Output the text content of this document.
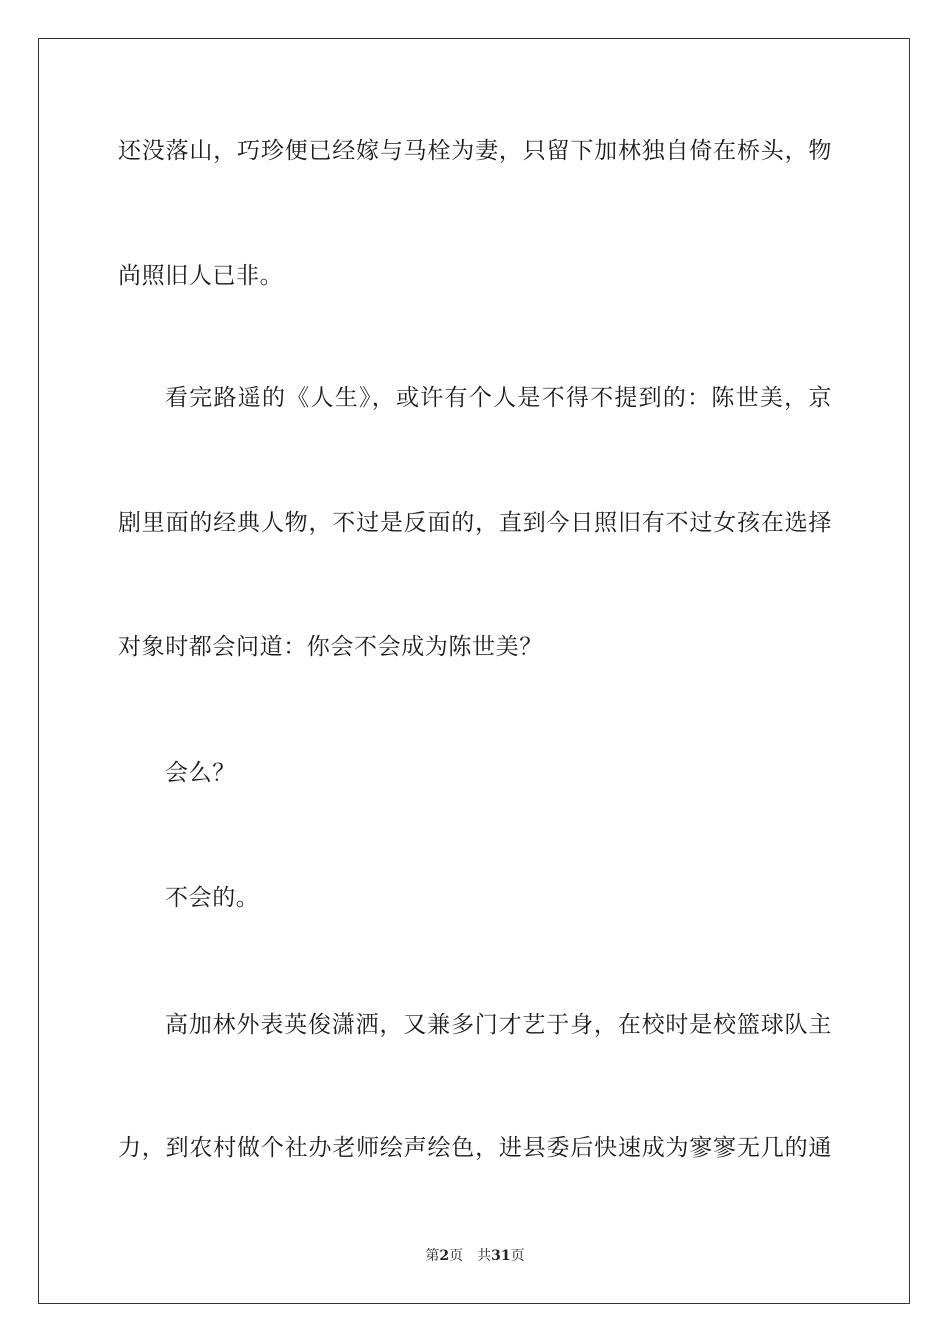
还没落山，巧珍便已经嫁与马栓为妻，只留下加林独自倚在桥头，物
尚照旧人已非。
看完路遥的《人生》，或许有个人是不得不提到的：陈世美，京
剧里面的经典人物，不过是反面的，直到今日照旧有不过女孩在选择
对象时都会问道：你会不会成为陈世美？
会么？
不会的。
高加林外表英俊潇洒，又兼多门才艺于身，在校时是校篮球队主
力，到农村做个社办老师绘声绘色，进县委后快速成为寥寥无几的通
第2页 共31页
